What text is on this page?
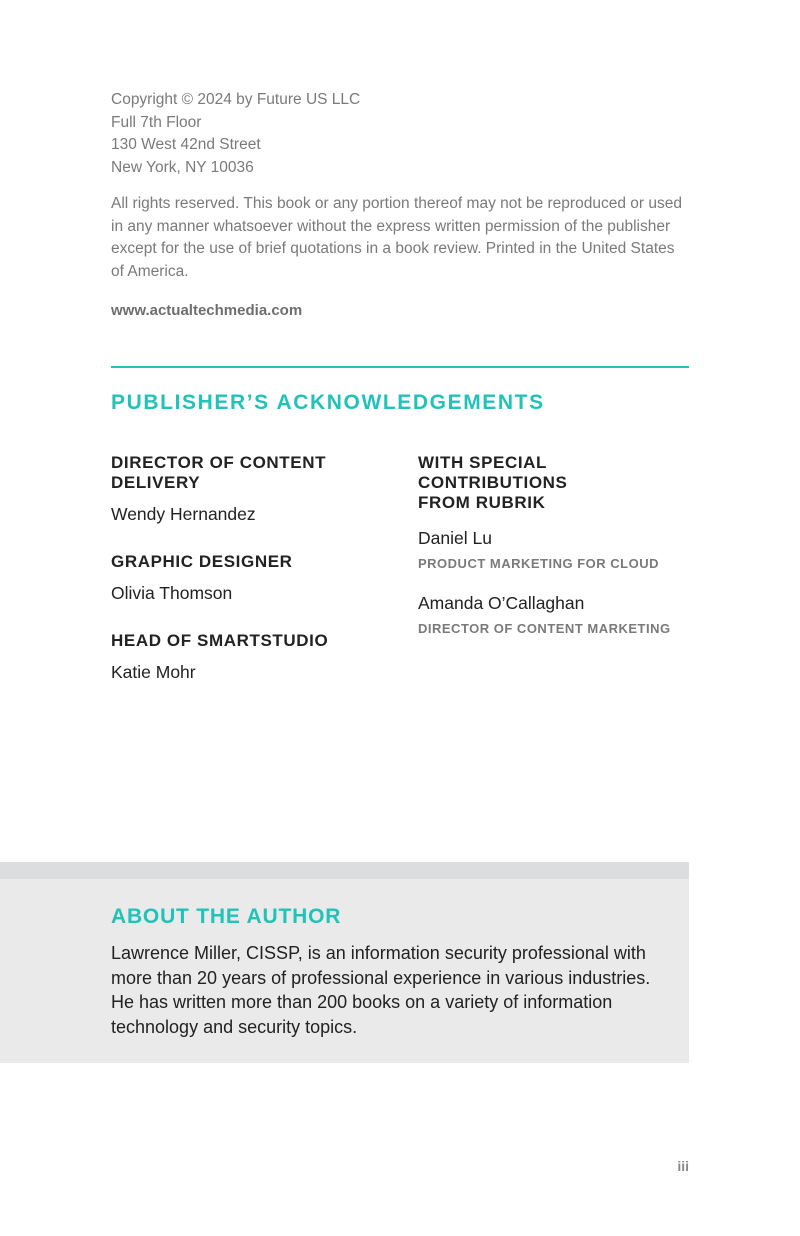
Copyright © 2024 by Future US LLC
Full 7th Floor
130 West 42nd Street
New York, NY 10036

All rights reserved. This book or any portion thereof may not be reproduced or used in any manner whatsoever without the express written permission of the publisher except for the use of brief quotations in a book review. Printed in the United States of America.

www.actualtechmedia.com
PUBLISHER’S ACKNOWLEDGEMENTS
DIRECTOR OF CONTENT DELIVERY
Wendy Hernandez
GRAPHIC DESIGNER
Olivia Thomson
HEAD OF SMARTSTUDIO
Katie Mohr
WITH SPECIAL
CONTRIBUTIONS
FROM RUBRIK
Daniel Lu
PRODUCT MARKETING FOR CLOUD
Amanda O’Callaghan
DIRECTOR OF CONTENT MARKETING
ABOUT THE AUTHOR

Lawrence Miller, CISSP, is an information security professional with more than 20 years of professional experience in various industries. He has written more than 200 books on a variety of information technology and security topics.

iii
